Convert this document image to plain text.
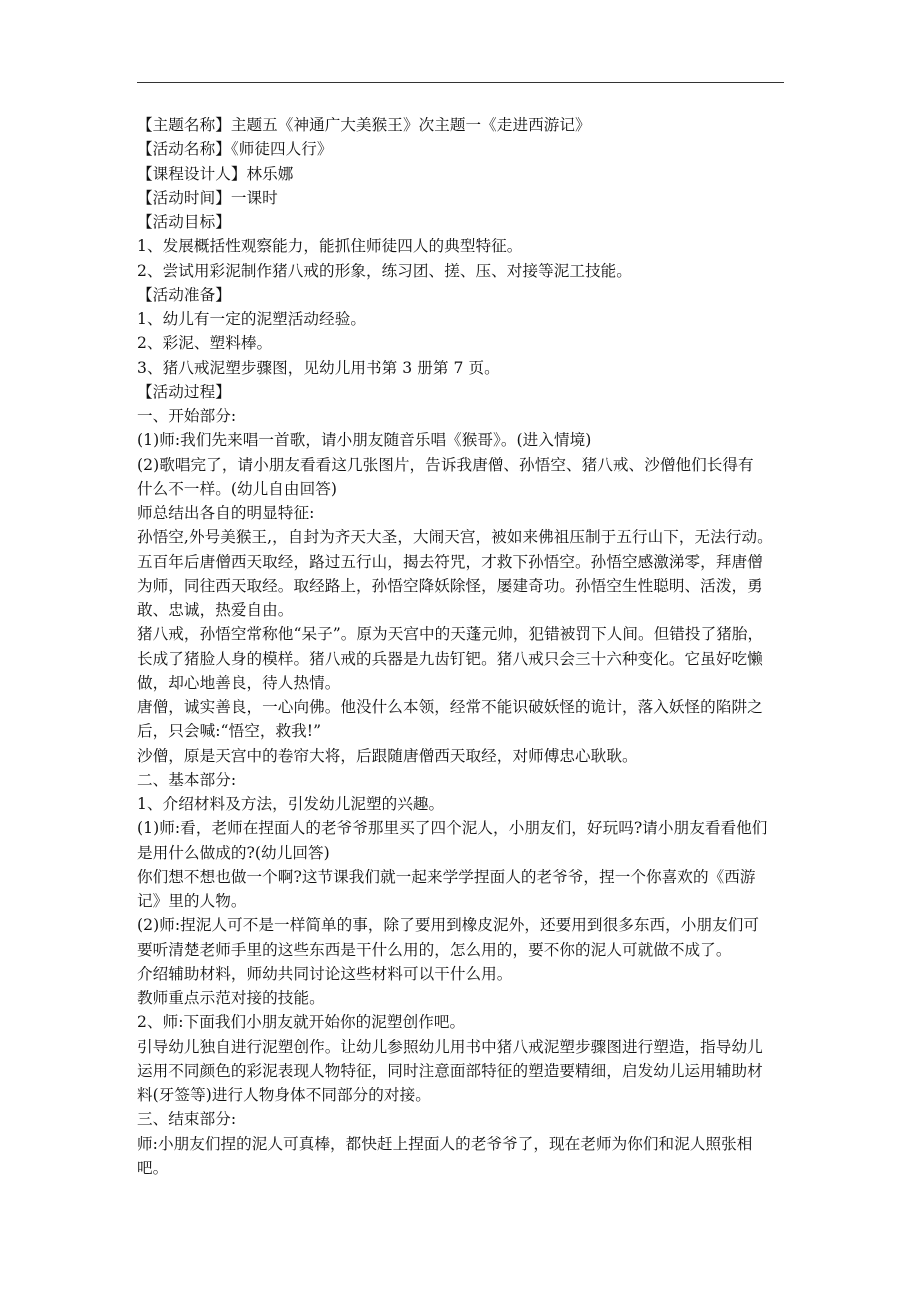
【主题名称】主题五《神通广大美猴王》次主题一《走进西游记》
【活动名称】《师徒四人行》
【课程设计人】林乐娜
【活动时间】一课时
【活动目标】
1、发展概括性观察能力，能抓住师徒四人的典型特征。
2、尝试用彩泥制作猪八戒的形象，练习团、搓、压、对接等泥工技能。
【活动准备】
1、幼儿有一定的泥塑活动经验。
2、彩泥、塑料棒。
3、猪八戒泥塑步骤图，见幼儿用书第 3 册第 7 页。
【活动过程】
一、开始部分:
(1)师:我们先来唱一首歌，请小朋友随音乐唱《猴哥》。(进入情境)
(2)歌唱完了，请小朋友看看这几张图片，告诉我唐僧、孙悟空、猪八戒、沙僧他们长得有
什么不一样。(幼儿自由回答)
师总结出各自的明显特征:
孙悟空,外号美猴王,，自封为齐天大圣，大闹天宫，被如来佛祖压制于五行山下，无法行动。
五百年后唐僧西天取经，路过五行山，揭去符咒，才救下孙悟空。孙悟空感激涕零，拜唐僧
为师，同往西天取经。取经路上，孙悟空降妖除怪，屡建奇功。孙悟空生性聪明、活泼，勇
敢、忠诚，热爱自由。
猪八戒，孙悟空常称他“呆子”。原为天宫中的天蓬元帅，犯错被罚下人间。但错投了猪胎，
长成了猪脸人身的模样。猪八戒的兵器是九齿钉钯。猪八戒只会三十六种变化。它虽好吃懒
做，却心地善良，待人热情。
唐僧，诚实善良，一心向佛。他没什么本领，经常不能识破妖怪的诡计，落入妖怪的陷阱之
后，只会喊:“悟空，救我!”
沙僧，原是天宫中的卷帘大将，后跟随唐僧西天取经，对师傅忠心耿耿。
二、基本部分:
1、介绍材料及方法，引发幼儿泥塑的兴趣。
(1)师:看，老师在捏面人的老爷爷那里买了四个泥人，小朋友们，好玩吗?请小朋友看看他们
是用什么做成的?(幼儿回答)
你们想不想也做一个啊?这节课我们就一起来学学捏面人的老爷爷，捏一个你喜欢的《西游
记》里的人物。
(2)师:捏泥人可不是一样简单的事，除了要用到橡皮泥外，还要用到很多东西，小朋友们可
要听清楚老师手里的这些东西是干什么用的，怎么用的，要不你的泥人可就做不成了。
介绍辅助材料，师幼共同讨论这些材料可以干什么用。
教师重点示范对接的技能。
2、师:下面我们小朋友就开始你的泥塑创作吧。
引导幼儿独自进行泥塑创作。让幼儿参照幼儿用书中猪八戒泥塑步骤图进行塑造，指导幼儿
运用不同颜色的彩泥表现人物特征，同时注意面部特征的塑造要精细，启发幼儿运用辅助材
料(牙签等)进行人物身体不同部分的对接。
三、结束部分:
师:小朋友们捏的泥人可真棒，都快赶上捏面人的老爷爷了，现在老师为你们和泥人照张相
吧。
